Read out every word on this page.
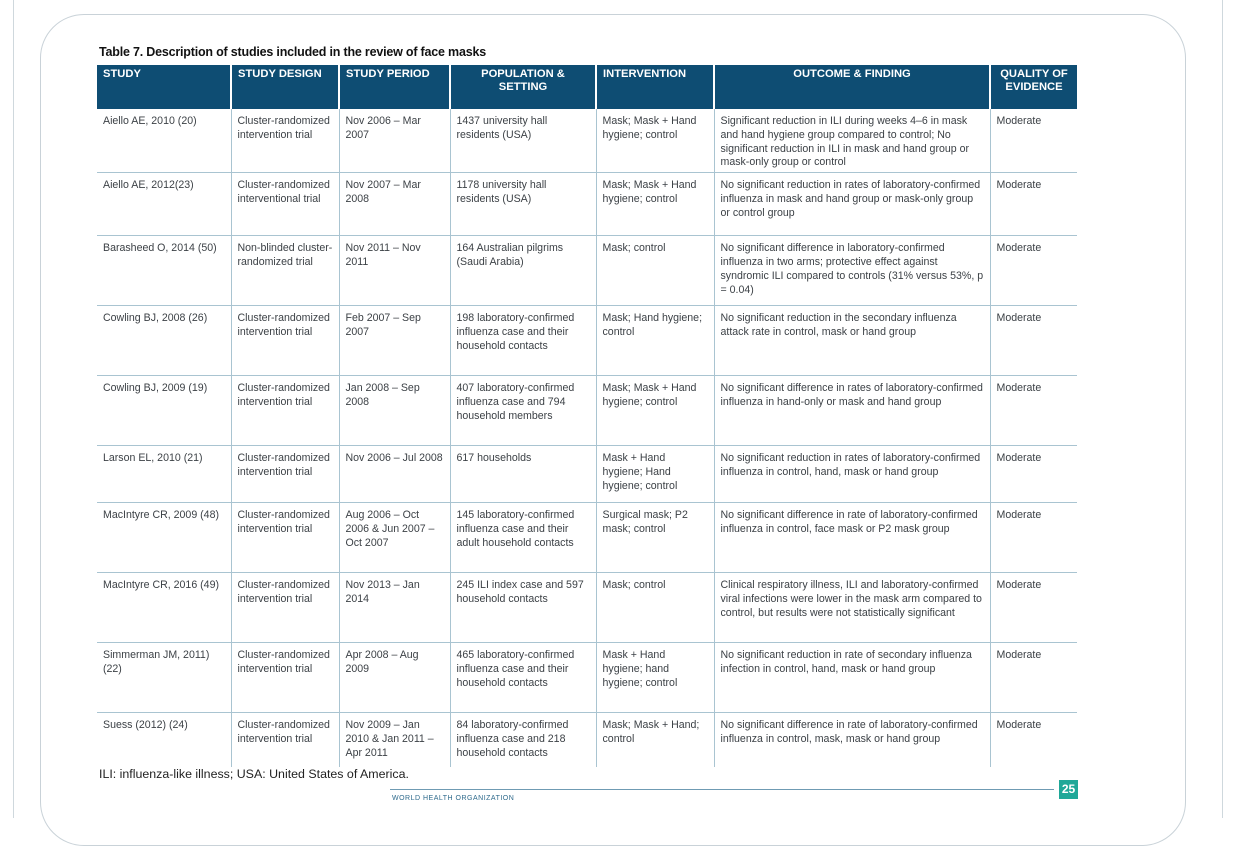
Table 7. Description of studies included in the review of face masks

STUDY	STUDY DESIGN	STUDY PERIOD	POPULATION & SETTING	INTERVENTION	OUTCOME & FINDING	QUALITY OF EVIDENCE
Aiello AE, 2010 (20)	Cluster-randomized intervention trial	Nov 2006 – Mar 2007	1437 university hall residents (USA)	Mask; Mask + Hand hygiene; control	Significant reduction in ILI during weeks 4–6 in mask and hand hygiene group compared to control; No significant reduction in ILI in mask and hand group or mask-only group or control	Moderate
Aiello AE, 2012(23)	Cluster-randomized interventional trial	Nov 2007 – Mar 2008	1178 university hall residents (USA)	Mask; Mask + Hand hygiene; control	No significant reduction in rates of laboratory-confirmed influenza in mask and hand group or mask-only group or control group	Moderate
Barasheed O, 2014 (50)	Non-blinded cluster-randomized trial	Nov 2011 – Nov 2011	164 Australian pilgrims (Saudi Arabia)	Mask; control	No significant difference in laboratory-confirmed influenza in two arms; protective effect against syndromic ILI compared to controls (31% versus 53%, p = 0.04)	Moderate
Cowling BJ, 2008 (26)	Cluster-randomized intervention trial	Feb 2007 – Sep 2007	198 laboratory-confirmed influenza case and their household contacts	Mask; Hand hygiene; control	No significant reduction in the secondary influenza attack rate in control, mask or hand group	Moderate
Cowling BJ, 2009 (19)	Cluster-randomized intervention trial	Jan 2008 – Sep 2008	407 laboratory-confirmed influenza case and 794 household members	Mask; Mask + Hand hygiene; control	No significant difference in rates of laboratory-confirmed influenza in hand-only or mask and hand group	Moderate
Larson EL, 2010 (21)	Cluster-randomized intervention trial	Nov 2006 – Jul 2008	617 households	Mask + Hand hygiene; Hand hygiene; control	No significant reduction in rates of laboratory-confirmed influenza in control, hand, mask or hand group	Moderate
MacIntyre CR, 2009 (48)	Cluster-randomized intervention trial	Aug 2006 – Oct 2006 & Jun 2007 – Oct 2007	145 laboratory-confirmed influenza case and their adult household contacts	Surgical mask; P2 mask; control	No significant difference in rate of laboratory-confirmed influenza in control, face mask or P2 mask group	Moderate
MacIntyre CR, 2016 (49)	Cluster-randomized intervention trial	Nov 2013 – Jan 2014	245 ILI index case and 597 household contacts	Mask; control	Clinical respiratory illness, ILI and laboratory-confirmed viral infections were lower in the mask arm compared to control, but results were not statistically significant	Moderate
Simmerman JM, 2011) (22)	Cluster-randomized intervention trial	Apr 2008 – Aug 2009	465 laboratory-confirmed influenza case and their household contacts	Mask + Hand hygiene; hand hygiene; control	No significant reduction in rate of secondary influenza infection in control, hand, mask or hand group	Moderate
Suess (2012) (24)	Cluster-randomized intervention trial	Nov 2009 – Jan 2010 & Jan 2011 – Apr 2011	84 laboratory-confirmed influenza case and 218 household contacts	Mask; Mask + Hand; control	No significant difference in rate of laboratory-confirmed influenza in control, mask, mask or hand group	Moderate

ILI: influenza-like illness; USA: United States of America.

WORLD HEALTH ORGANIZATION
25
